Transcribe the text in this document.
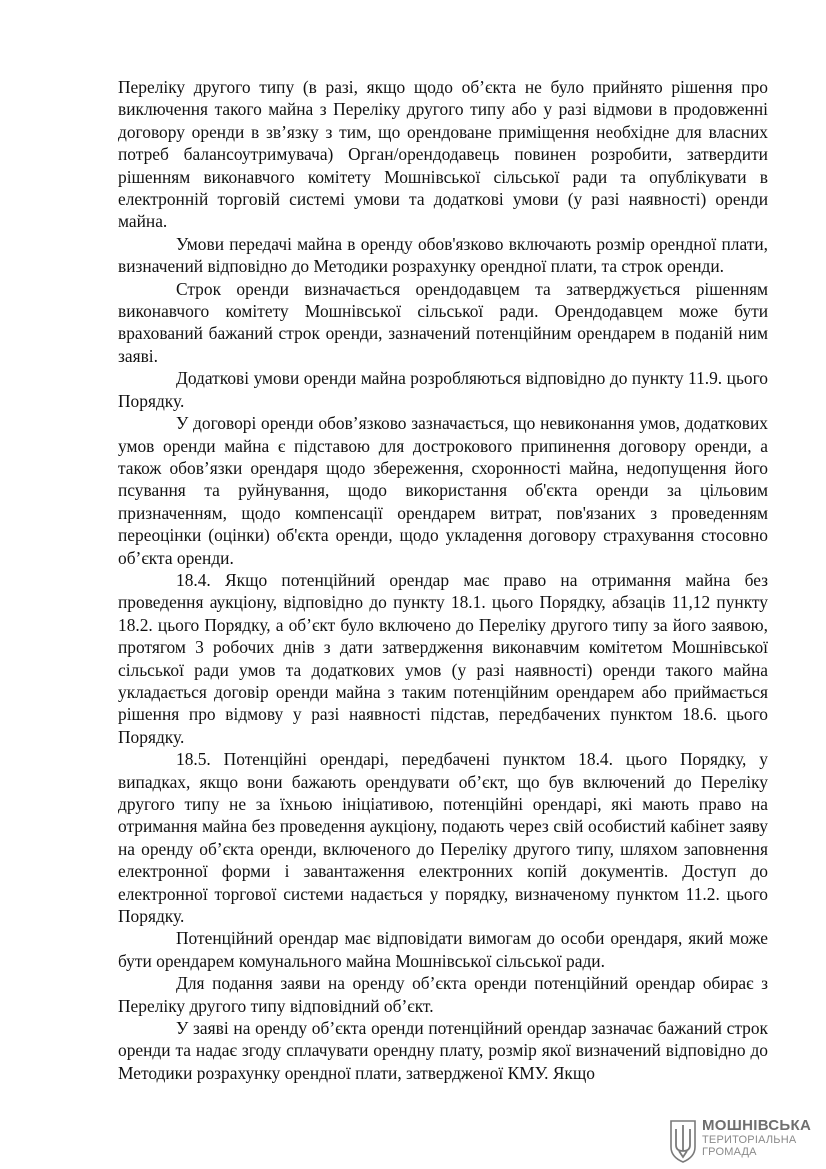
Переліку другого типу (в разі, якщо щодо об’єкта не було прийнято рішення про виключення такого майна з Переліку другого типу або у разі відмови в продовженні договору оренди в зв’язку з тим, що орендоване приміщення необхідне для власних потреб балансоутримувача) Орган/орендодавець повинен розробити, затвердити рішенням виконавчого комітету Мошнівської сільської ради та опублікувати в електронній торговій системі умови та додаткові умови (у разі наявності) оренди майна.

Умови передачі майна в оренду обов'язково включають розмір орендної плати, визначений відповідно до Методики розрахунку орендної плати, та строк оренди.

Строк оренди визначається орендодавцем та затверджується рішенням виконавчого комітету Мошнівської сільської ради. Орендодавцем може бути врахований бажаний строк оренди, зазначений потенційним орендарем в поданій ним заяві.

Додаткові умови оренди майна розробляються відповідно до пункту 11.9. цього Порядку.

У договорі оренди обов’язково зазначається, що невиконання умов, додаткових умов оренди майна є підставою для дострокового припинення договору оренди, а також обов’язки орендаря щодо збереження, схоронності майна, недопущення його псування та руйнування, щодо використання об'єкта оренди за цільовим призначенням, щодо компенсації орендарем витрат, пов'язаних з проведенням переоцінки (оцінки) об'єкта оренди, щодо укладення договору страхування стосовно об’єкта оренди.

18.4. Якщо потенційний орендар має право на отримання майна без проведення аукціону, відповідно до пункту 18.1. цього Порядку, абзаців 11,12 пункту 18.2. цього Порядку, а об’єкт було включено до Переліку другого типу за його заявою, протягом 3 робочих днів з дати затвердження виконавчим комітетом Мошнівської сільської ради умов та додаткових умов (у разі наявності) оренди такого майна укладається договір оренди майна з таким потенційним орендарем або приймається рішення про відмову у разі наявності підстав, передбачених пунктом 18.6. цього Порядку.

18.5. Потенційні орендарі, передбачені пунктом 18.4. цього Порядку, у випадках, якщо вони бажають орендувати об’єкт, що був включений до Переліку другого типу не за їхньою ініціативою, потенційні орендарі, які мають право на отримання майна без проведення аукціону, подають через свій особистий кабінет заяву на оренду об’єкта оренди, включеного до Переліку другого типу, шляхом заповнення електронної форми і завантаження електронних копій документів. Доступ до електронної торгової системи надається у порядку, визначеному пунктом 11.2. цього Порядку.

Потенційний орендар має відповідати вимогам до особи орендаря, який може бути орендарем комунального майна Мошнівської сільської ради.

Для подання заяви на оренду об’єкта оренди потенційний орендар обирає з Переліку другого типу відповідний об’єкт.

У заяві на оренду об’єкта оренди потенційний орендар зазначає бажаний строк оренди та надає згоду сплачувати орендну плату, розмір якої визначений відповідно до Методики розрахунку орендної плати, затвердженої КМУ. Якщо

МОШНІВСЬКА
ТЕРИТОРІАЛЬНА
ГРОМАДА
